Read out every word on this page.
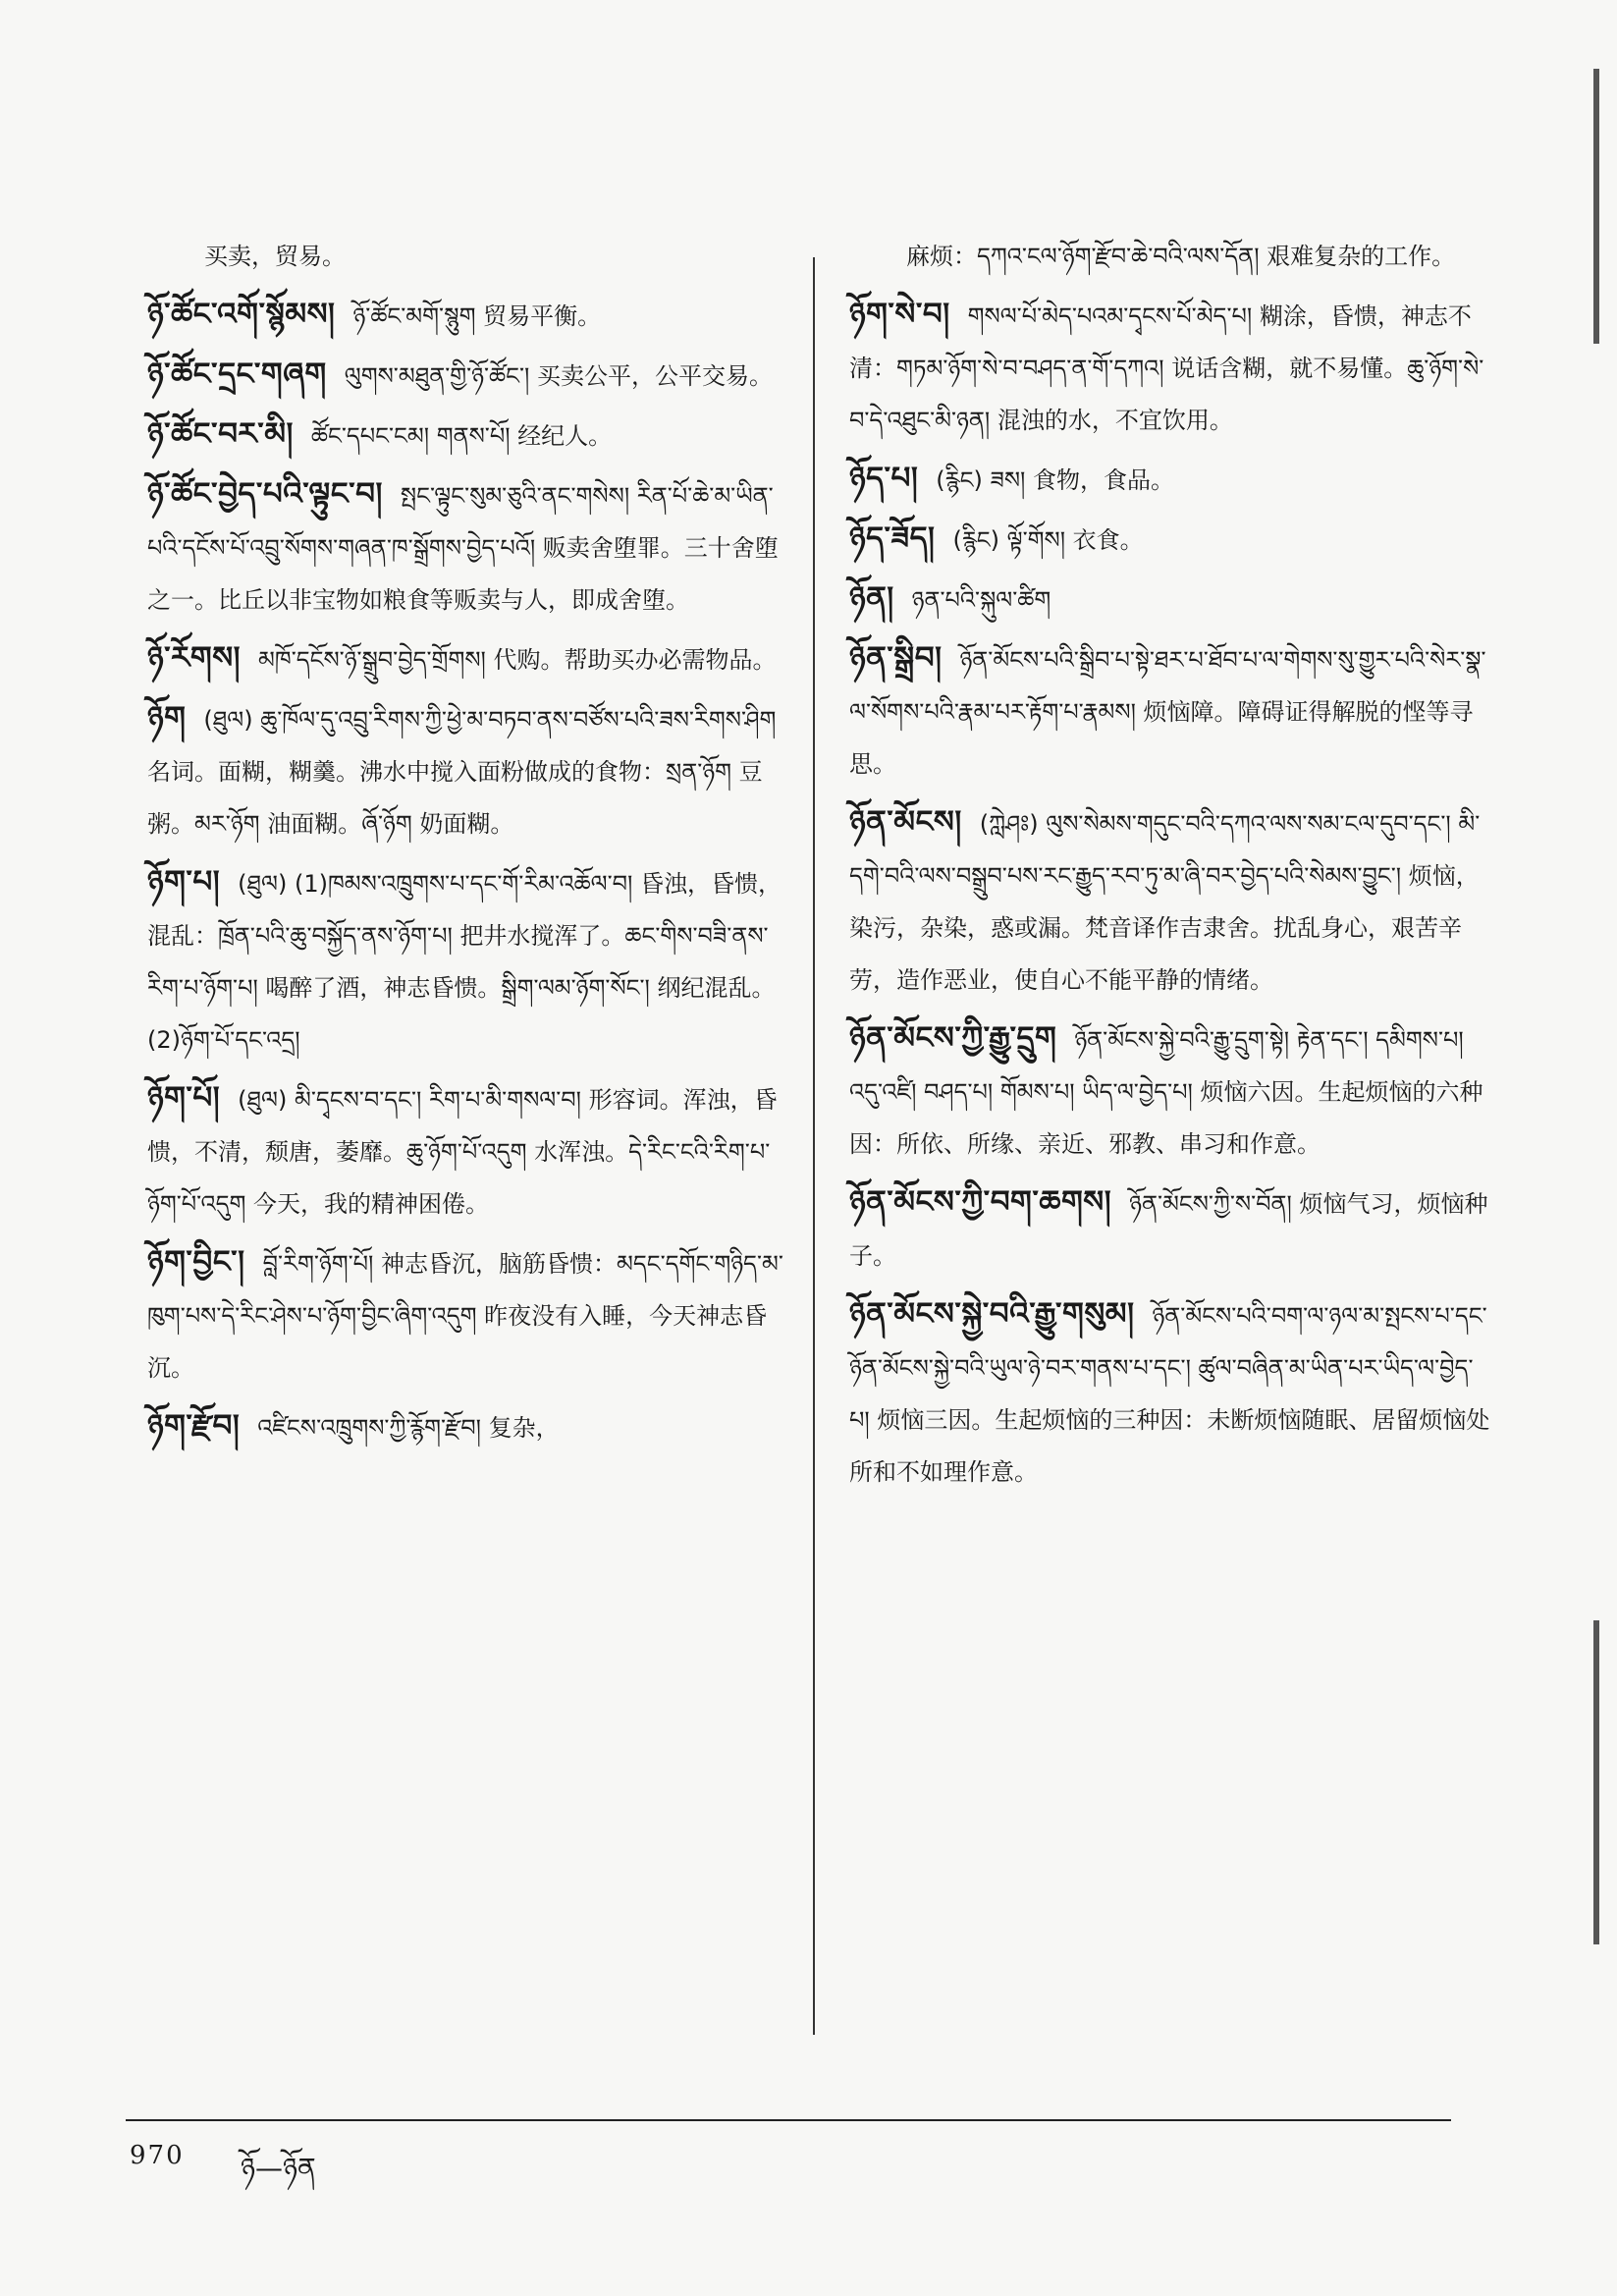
买卖，贸易。
ཉོ་ཚོང་འགོ་སྙོམས། ཉོ་ཚོང་མགོ་སྙུག 贸易平衡。
ཉོ་ཚོང་དྲང་གཞག ལུགས་མཐུན་གྱི་ཉོ་ཚོང་། 买卖公平，公平交易。
ཉོ་ཚོང་བར་མི། ཚོང་དཔང་ངམ། གནས་པོ། 经纪人。
ཉོ་ཚོང་བྱེད་པའི་ལྟུང་བ། སྤང་ལྟུང་སུམ་ཅུའི་ནང་གསེས། རིན་པོ་ཆེ་མ་ཡིན་པའི་དངོས་པོ་འབྲུ་སོགས་གཞན་ཁ་སྒྲོགས་བྱེད་པའོ། 贩卖舍堕罪。三十舍堕之一。比丘以非宝物如粮食等贩卖与人，即成舍堕。
ཉོ་རོགས། མཁོ་དངོས་ཉོ་སྒྲུབ་བྱེད་གྲོགས། 代购。帮助买办必需物品。
ཉོག (ཐུལ) ཆུ་ཁོལ་དུ་འབྲུ་རིགས་ཀྱི་ཕྱེ་མ་བཏབ་ནས་བཙོས་པའི་ཟས་རིགས་ཤིག 名词。面糊，糊羹。沸水中搅入面粉做成的食物：སྲན་ཉོག 豆粥。མར་ཉོག 油面糊。ཞོ་ཉོག 奶面糊。
ཉོག་པ། (ཐུལ) (1)ཁམས་འཁྲུགས་པ་དང་གོ་རིམ་འཆོལ་བ། 昏浊，昏愦，混乱：ཁྲོན་པའི་ཆུ་བསྐྱོད་ནས་ཉོག་པ། 把井水搅浑了。ཆང་གིས་བཟི་ནས་རིག་པ་ཉོག་པ། 喝醉了酒，神志昏愦。སྒྲིག་ལམ་ཉོག་སོང་། 纲纪混乱。(2)ཉོག་པོ་དང་འདྲ།
ཉོག་པོ། (ཐུལ) མི་དྭངས་བ་དང་། རིག་པ་མི་གསལ་བ། 形容词。浑浊，昏愦，不清，颓唐，萎靡。ཆུ་ཉོག་པོ་འདུག 水浑浊。དེ་རིང་ངའི་རིག་པ་ཉོག་པོ་འདུག 今天，我的精神困倦。
ཉོག་བྱིང་། བློ་རིག་ཉོག་པོ། 神志昏沉，脑筋昏愦：མདང་དགོང་གཉིད་མ་ཁུག་པས་དེ་རིང་ཤེས་པ་ཉོག་བྱིང་ཞིག་འདུག 昨夜没有入睡，今天神志昏沉。
ཉོག་རྫོབ། འཛིངས་འཁྲུགས་ཀྱི་རྙོག་རྫོབ། 复杂，
麻烦：དཀའ་ངལ་ཉོག་རྫོབ་ཆེ་བའི་ལས་དོན། 艰难复杂的工作。
ཉོག་སེ་བ། གསལ་པོ་མེད་པའམ་དྭངས་པོ་མེད་པ། 糊涂，昏愦，神志不清：གཏམ་ཉོག་སེ་བ་བཤད་ན་གོ་དཀའ། 说话含糊，就不易懂。ཆུ་ཉོག་སེ་བ་དེ་འཐུང་མི་ཉན། 混浊的水，不宜饮用。
ཉོད་པ། (རྙིང) ཟས། 食物，食品。
ཉོད་ཟོད། (རྙིང) ལྟོ་གོས། 衣食。
ཉོན། ཉན་པའི་སྐུལ་ཚིག
ཉོན་སྒྲིབ། ཉོན་མོངས་པའི་སྒྲིབ་པ་སྟེ་ཐར་པ་ཐོབ་པ་ལ་གེགས་སུ་གྱུར་པའི་སེར་སྣ་ལ་སོགས་པའི་རྣམ་པར་རྟོག་པ་རྣམས། 烦恼障。障碍证得解脱的悭等寻思。
ཉོན་མོངས། (ཀླེཤཿ) ལུས་སེམས་གདུང་བའི་དཀའ་ལས་སམ་ངལ་དུབ་དང་། མི་དགེ་བའི་ལས་བསྒྲུབ་པས་རང་རྒྱུད་རབ་ཏུ་མ་ཞི་བར་བྱེད་པའི་སེམས་བྱུང་། 烦恼，染污，杂染，惑或漏。梵音译作吉隶舍。扰乱身心，艰苦辛劳，造作恶业，使自心不能平静的情绪。
ཉོན་མོངས་ཀྱི་རྒྱུ་དྲུག ཉོན་མོངས་སྐྱེ་བའི་རྒྱུ་དྲུག་སྟེ། རྟེན་དང་། དམིགས་པ། འདུ་འཛི། བཤད་པ། གོམས་པ། ཡིད་ལ་བྱེད་པ། 烦恼六因。生起烦恼的六种因：所依、所缘、亲近、邪教、串习和作意。
ཉོན་མོངས་ཀྱི་བག་ཆགས། ཉོན་མོངས་ཀྱི་ས་བོན། 烦恼气习，烦恼种子。
ཉོན་མོངས་སྐྱེ་བའི་རྒྱུ་གསུམ། ཉོན་མོངས་པའི་བག་ལ་ཉལ་མ་སྤངས་པ་དང་ཉོན་མོངས་སྐྱེ་བའི་ཡུལ་ཉེ་བར་གནས་པ་དང་། ཚུལ་བཞིན་མ་ཡིན་པར་ཡིད་ལ་བྱེད་པ། 烦恼三因。生起烦恼的三种因：未断烦恼随眠、居留烦恼处所和不如理作意。
970 ཉོ—ཉོན
